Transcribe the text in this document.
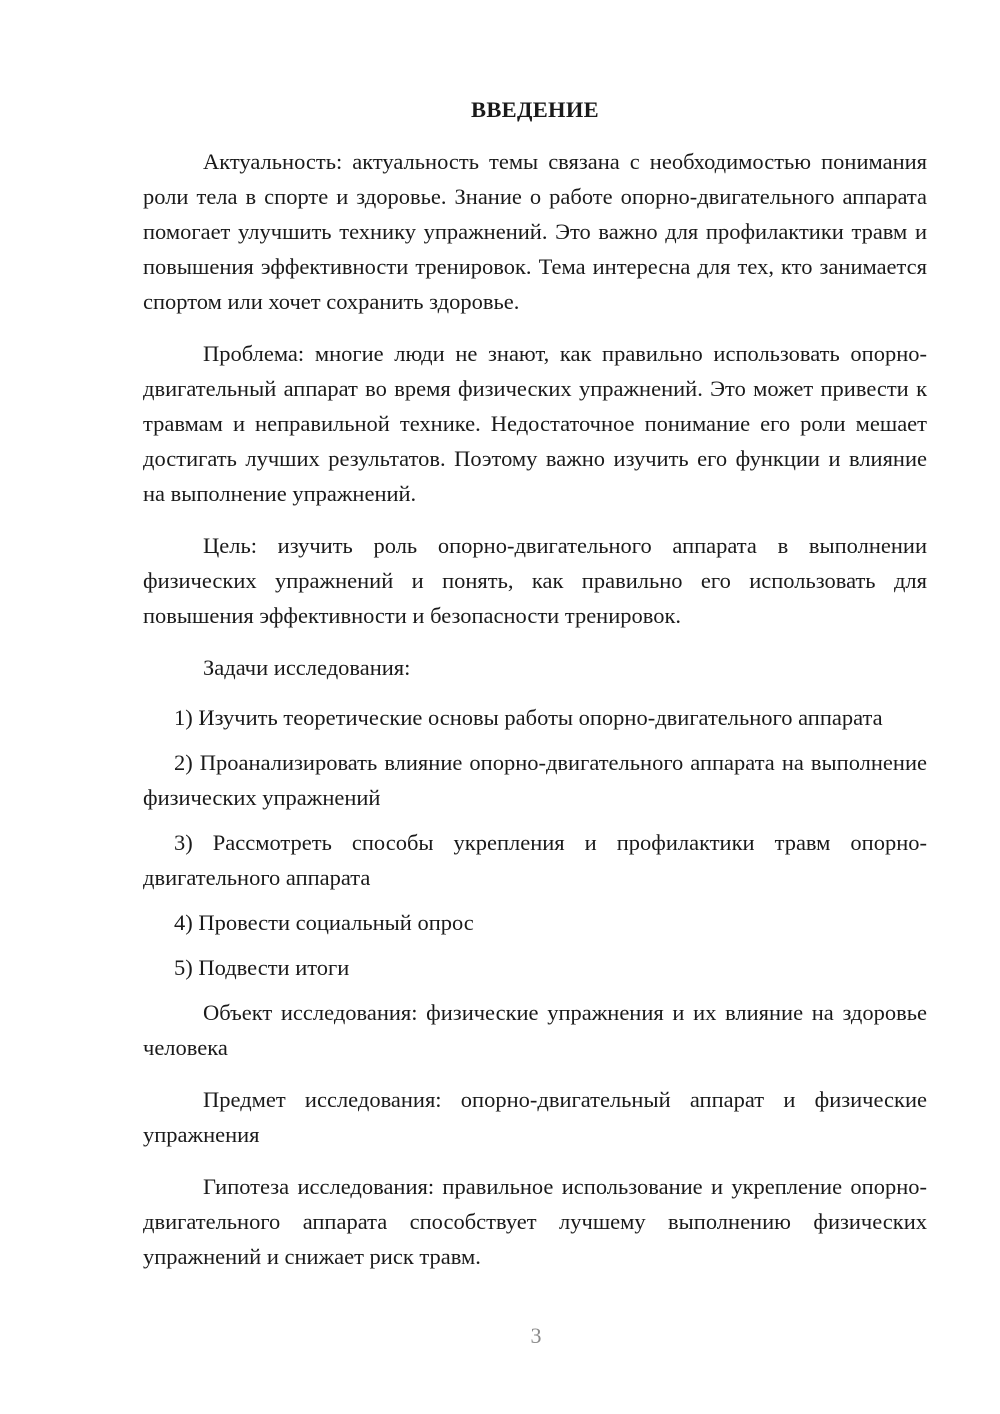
ВВЕДЕНИЕ

Актуальность: актуальность темы связана с необходимостью понимания роли тела в спорте и здоровье. Знание о работе опорно-двигательного аппарата помогает улучшить технику упражнений. Это важно для профилактики травм и повышения эффективности тренировок. Тема интересна для тех, кто занимается спортом или хочет сохранить здоровье.

Проблема: многие люди не знают, как правильно использовать опорно-двигательный аппарат во время физических упражнений. Это может привести к травмам и неправильной технике. Недостаточное понимание его роли мешает достигать лучших результатов. Поэтому важно изучить его функции и влияние на выполнение упражнений.

Цель: изучить роль опорно-двигательного аппарата в выполнении физических упражнений и понять, как правильно его использовать для повышения эффективности и безопасности тренировок.

Задачи исследования:

1) Изучить теоретические основы работы опорно-двигательного аппарата

2) Проанализировать влияние опорно-двигательного аппарата на выполнение физических упражнений

3) Рассмотреть способы укрепления и профилактики травм опорно-двигательного аппарата

4) Провести социальный опрос

5) Подвести итоги

Объект исследования: физические упражнения и их влияние на здоровье человека

Предмет исследования: опорно-двигательный аппарат и физические упражнения

Гипотеза исследования: правильное использование и укрепление опорно-двигательного аппарата способствует лучшему выполнению физических упражнений и снижает риск травм.

3
